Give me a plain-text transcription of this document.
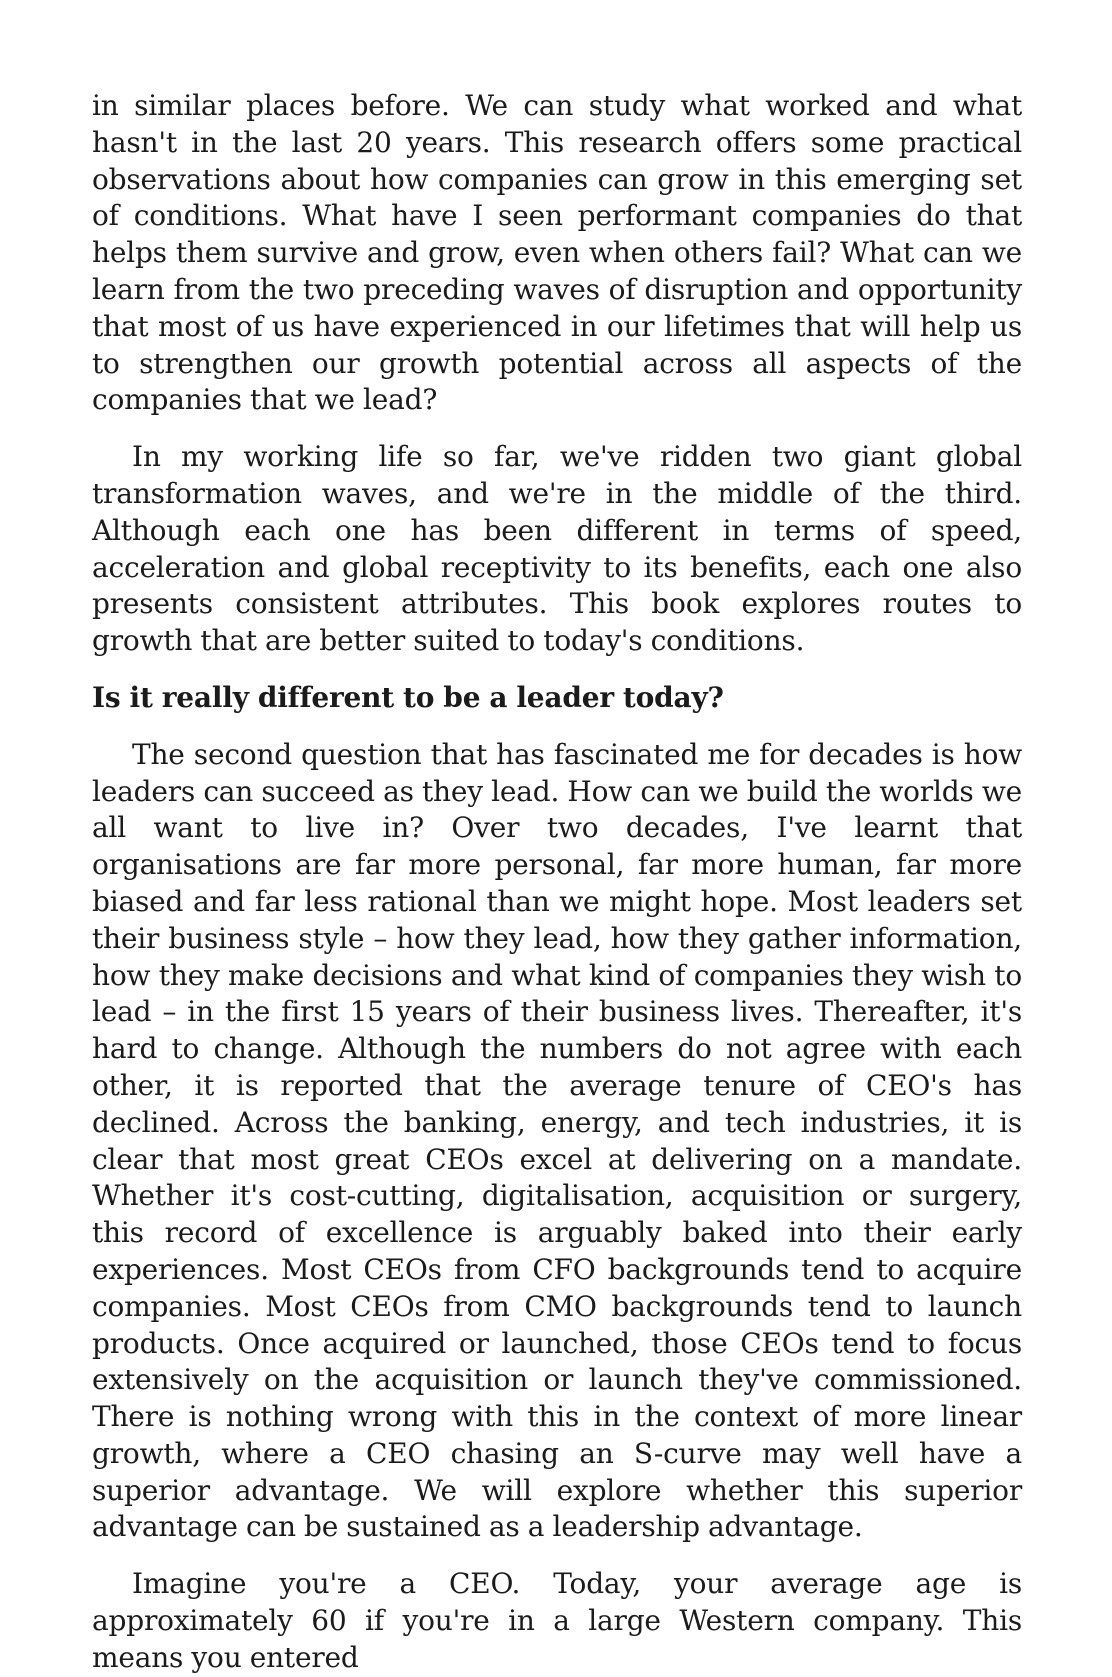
in similar places before. We can study what worked and what hasn't in the last 20 years. This research offers some practical observations about how companies can grow in this emerging set of conditions. What have I seen performant companies do that helps them survive and grow, even when others fail? What can we learn from the two preceding waves of disruption and opportunity that most of us have experienced in our lifetimes that will help us to strengthen our growth potential across all aspects of the companies that we lead?

In my working life so far, we've ridden two giant global transformation waves, and we're in the middle of the third. Although each one has been different in terms of speed, acceleration and global receptivity to its benefits, each one also presents consistent attributes. This book explores routes to growth that are better suited to today's conditions.

Is it really different to be a leader today?

The second question that has fascinated me for decades is how leaders can succeed as they lead. How can we build the worlds we all want to live in? Over two decades, I've learnt that organisations are far more personal, far more human, far more biased and far less rational than we might hope. Most leaders set their business style – how they lead, how they gather information, how they make decisions and what kind of companies they wish to lead – in the first 15 years of their business lives. Thereafter, it's hard to change. Although the numbers do not agree with each other, it is reported that the average tenure of CEO's has declined. Across the banking, energy, and tech industries, it is clear that most great CEOs excel at delivering on a mandate. Whether it's cost-cutting, digitalisation, acquisition or surgery, this record of excellence is arguably baked into their early experiences. Most CEOs from CFO backgrounds tend to acquire companies. Most CEOs from CMO backgrounds tend to launch products. Once acquired or launched, those CEOs tend to focus extensively on the acquisition or launch they've commissioned. There is nothing wrong with this in the context of more linear growth, where a CEO chasing an S-curve may well have a superior advantage. We will explore whether this superior advantage can be sustained as a leadership advantage.

Imagine you're a CEO. Today, your average age is approximately 60 if you're in a large Western company. This means you entered
